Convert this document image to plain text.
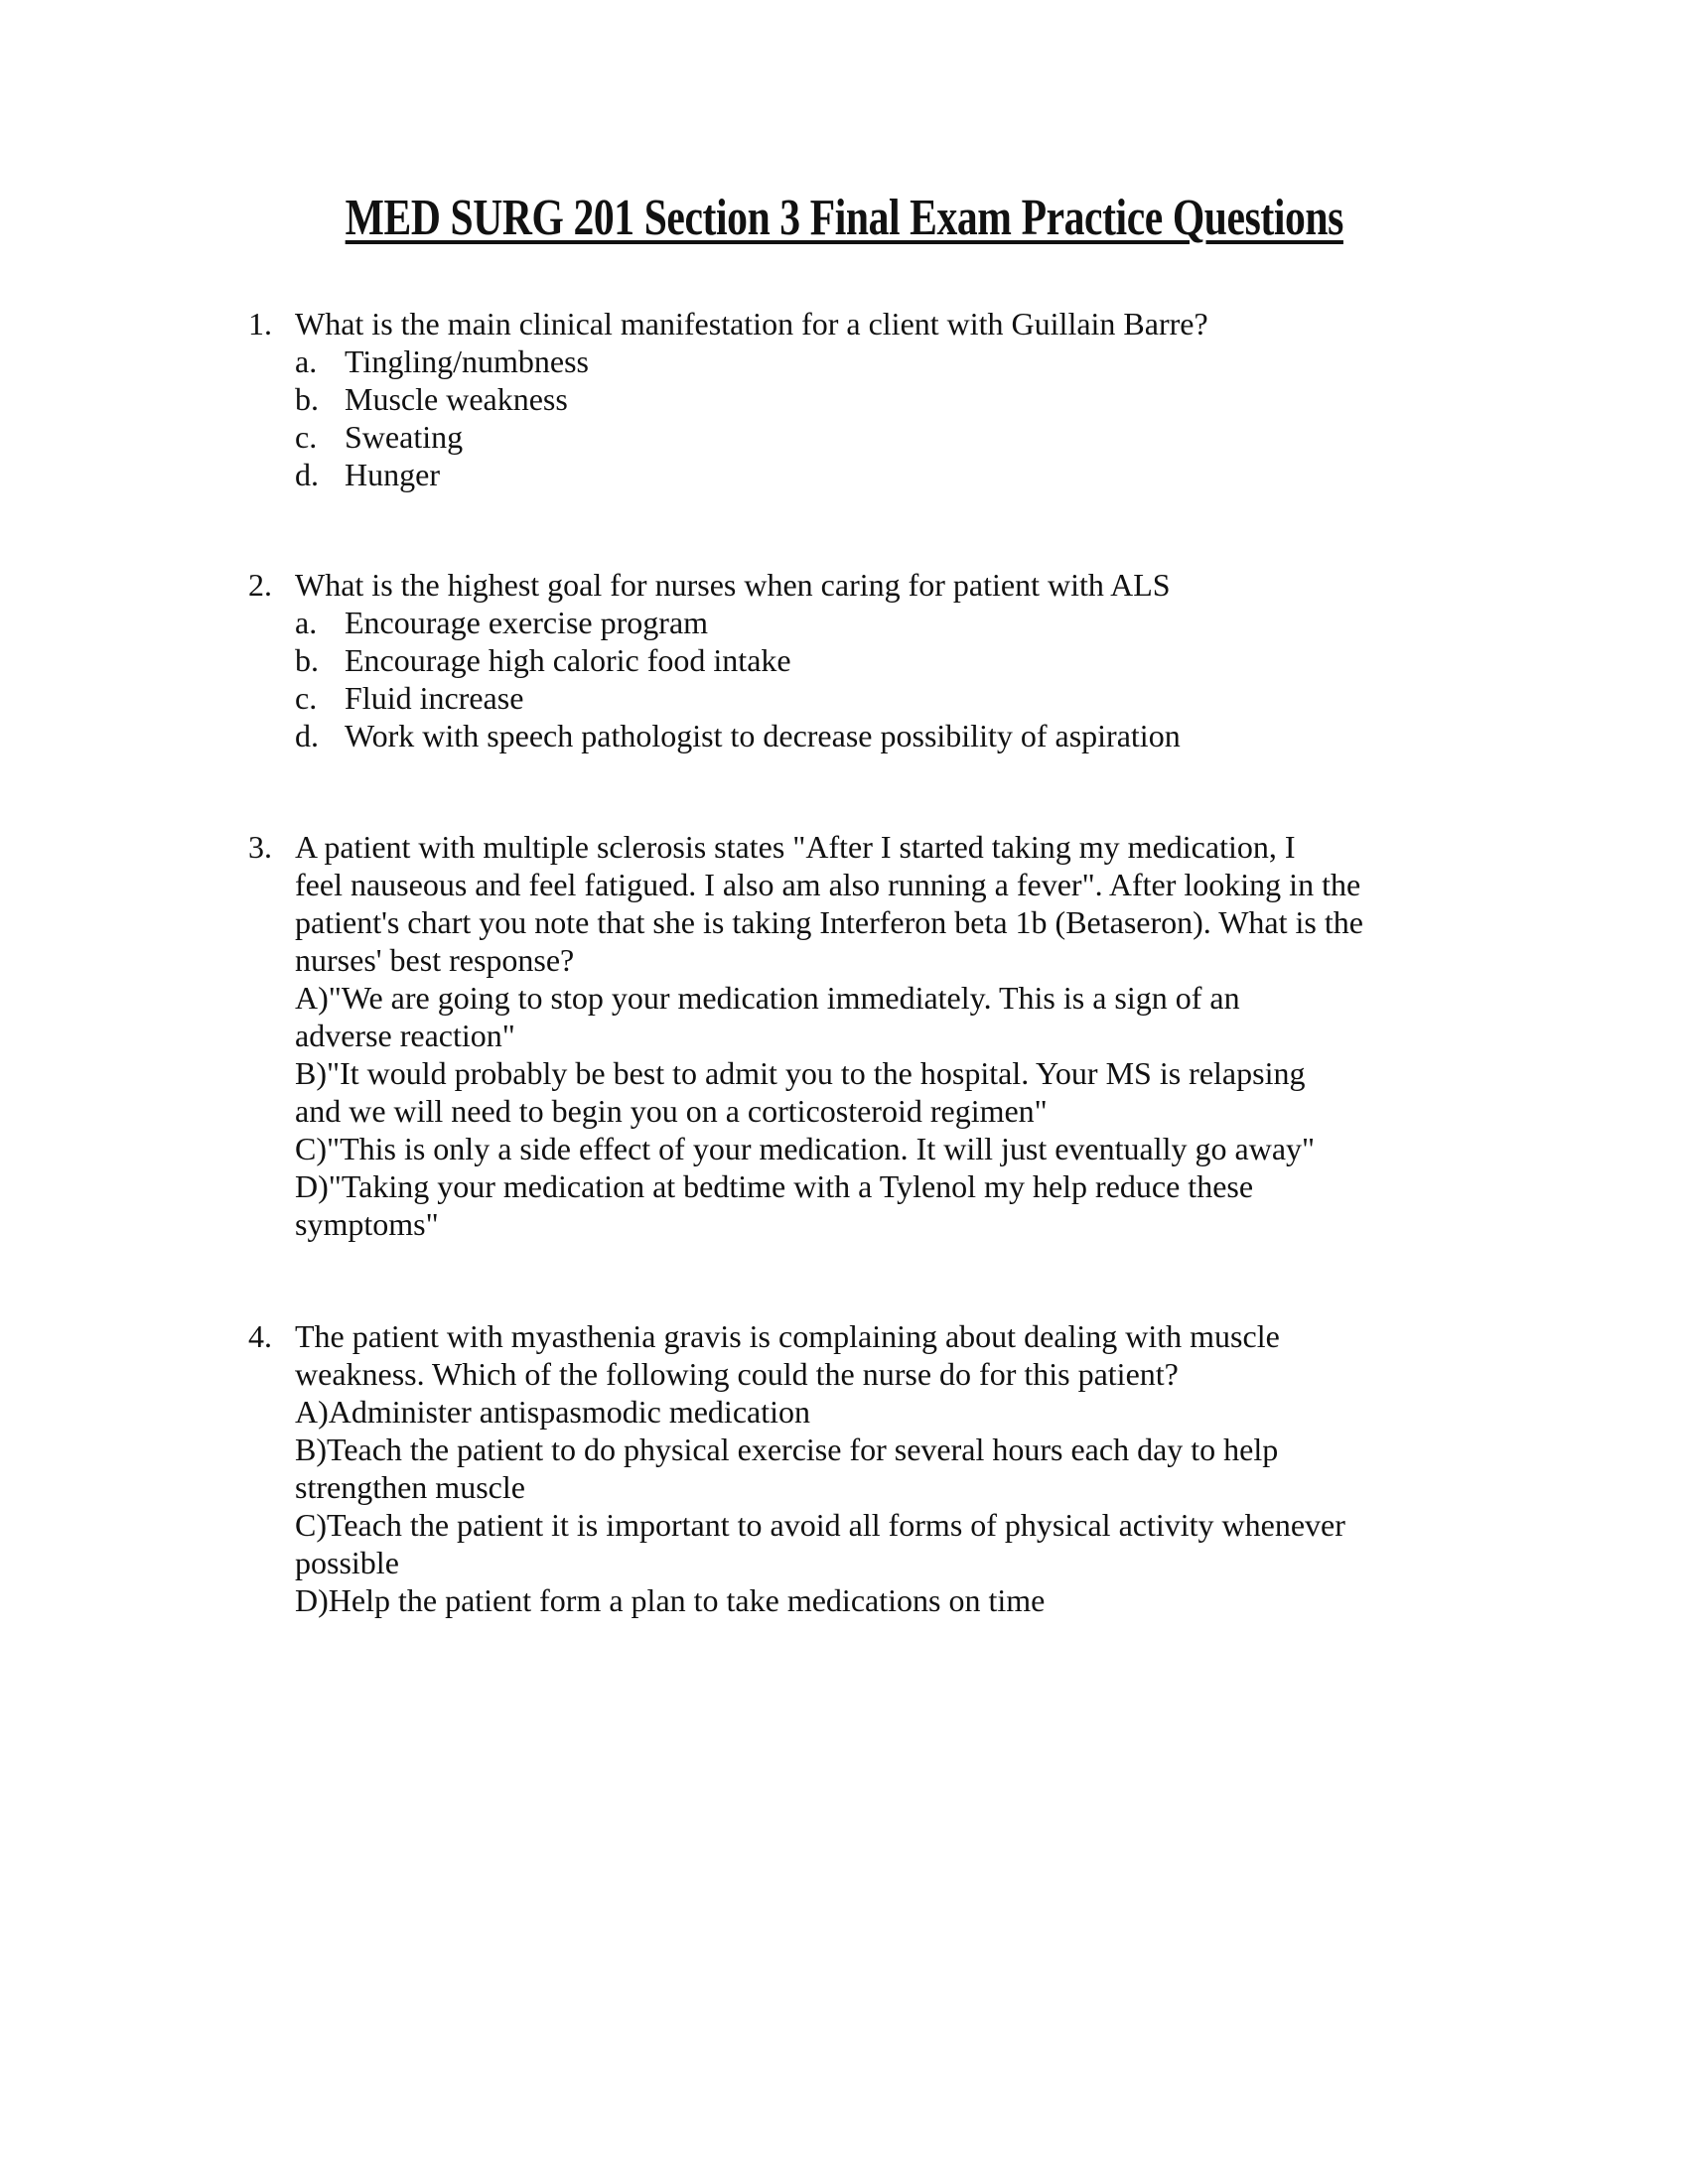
MED SURG 201 Section 3 Final Exam Practice Questions
1. What is the main clinical manifestation for a client with Guillain Barre?
a. Tingling/numbness
b. Muscle weakness
c. Sweating
d. Hunger
2. What is the highest goal for nurses when caring for patient with ALS
a. Encourage exercise program
b. Encourage high caloric food intake
c. Fluid increase
d. Work with speech pathologist to decrease possibility of aspiration
3. A patient with multiple sclerosis states "After I started taking my medication, I
feel nauseous and feel fatigued. I also am also running a fever". After looking in the
patient's chart you note that she is taking Interferon beta 1b (Betaseron). What is the
nurses' best response?
A)"We are going to stop your medication immediately. This is a sign of an
adverse reaction"
B)"It would probably be best to admit you to the hospital. Your MS is relapsing
and we will need to begin you on a corticosteroid regimen"
C)"This is only a side effect of your medication. It will just eventually go away"
D)"Taking your medication at bedtime with a Tylenol my help reduce these
symptoms"
4. The patient with myasthenia gravis is complaining about dealing with muscle
weakness. Which of the following could the nurse do for this patient?
A)Administer antispasmodic medication
B)Teach the patient to do physical exercise for several hours each day to help
strengthen muscle
C)Teach the patient it is important to avoid all forms of physical activity whenever
possible
D)Help the patient form a plan to take medications on time
